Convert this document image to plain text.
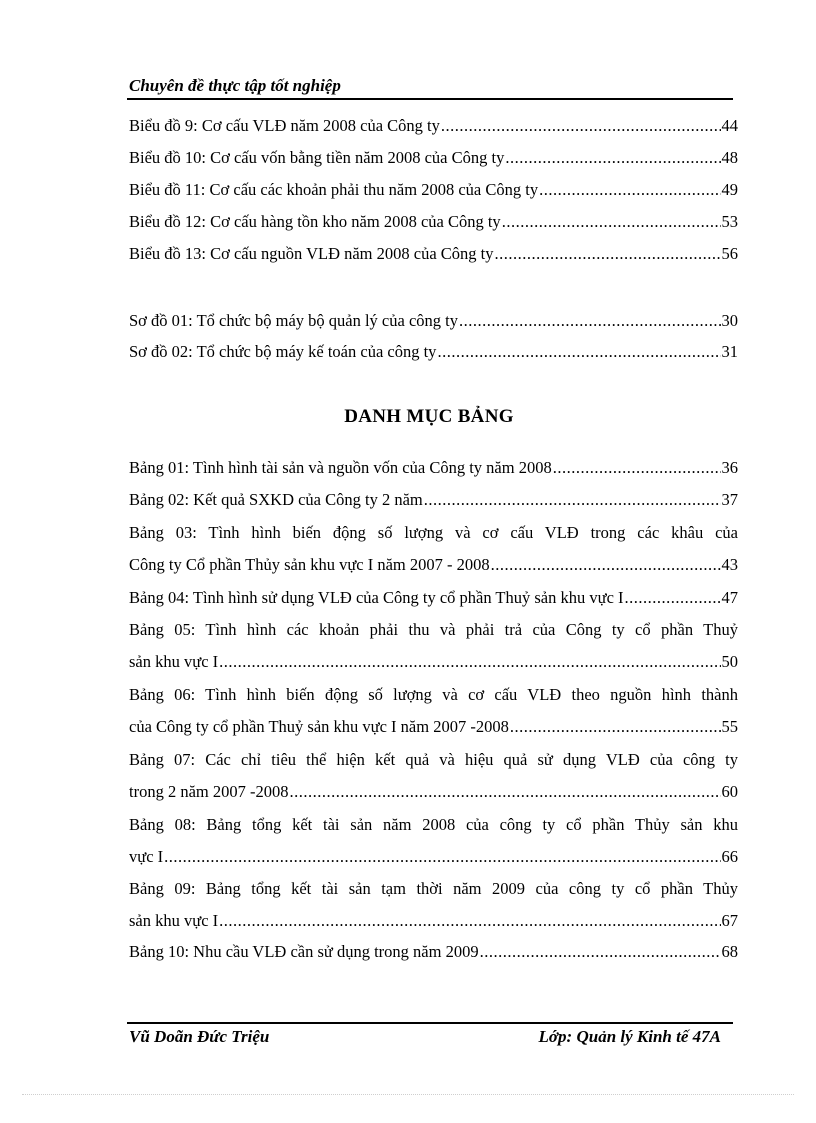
Chuyên đề thực tập tốt nghiệp
Biểu đồ 9: Cơ cấu VLĐ năm 2008 của Công ty .....	44
Biểu đồ 10: Cơ cấu vốn bằng tiền năm 2008 của Công ty .....	48
Biểu đồ 11: Cơ cấu các khoản phải thu năm 2008 của Công ty .....	49
Biểu đồ 12: Cơ cấu hàng tồn kho năm 2008 của Công ty .....	53
Biểu đồ 13: Cơ cấu nguồn VLĐ năm 2008 của Công ty .....	56
Sơ đồ 01: Tổ chức bộ máy bộ quản lý của công ty .....	30
Sơ đồ 02: Tổ chức bộ máy kế toán của công ty .....	31
DANH MỤC BẢNG
Bảng 01: Tình hình tài sản và nguồn vốn của Công ty năm 2008 .....	36
Bảng 02: Kết quả SXKD của Công ty 2 năm .....	37
Bảng 03: Tình hình biến động số lượng và cơ cấu VLĐ trong các khâu của
Công ty Cổ phần Thủy sản khu vực I năm 2007 - 2008 .....	43
Bảng 04: Tình hình sử dụng VLĐ của Công ty cổ phần Thuỷ sản khu vực I .....	47
Bảng 05: Tình hình các khoản phải thu và phải trả của Công ty cổ phần Thuỷ
sản khu vực I .....	50
Bảng 06: Tình hình biến động số lượng và cơ cấu VLĐ theo nguồn hình thành
của Công ty cổ phần Thuỷ sản khu vực I năm 2007 -2008 .....	55
Bảng 07: Các chỉ tiêu thể hiện kết quả và hiệu quả sử dụng VLĐ của công ty
trong 2 năm 2007 -2008 .....	60
Bảng 08: Bảng tổng kết tài sản năm 2008 của công ty cổ phần Thủy sản khu
vực I .....	66
Bảng 09: Bảng tổng kết tài sản tạm thời năm 2009 của công ty cổ phần Thủy
sản khu vực I .....	67
Bảng 10: Nhu cầu VLĐ cần sử dụng trong năm 2009 .....	68
Vũ Doãn Đức Triệu	Lớp: Quản lý Kinh tế 47A
